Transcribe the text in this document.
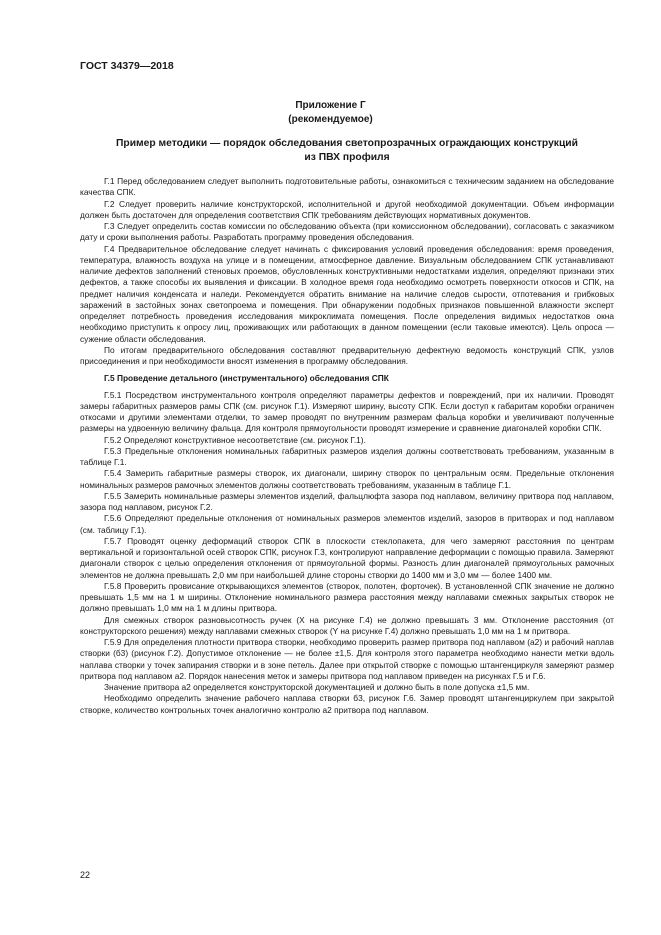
ГОСТ 34379—2018
Приложение Г
(рекомендуемое)
Пример методики — порядок обследования светопрозрачных ограждающих конструкций
из ПВХ профиля

Г.1 Перед обследованием следует выполнить подготовительные работы, ознакомиться с техническим заданием на обследование качества СПК.

Г.2 Следует проверить наличие конструкторской, исполнительной и другой необходимой документации. Объем информации должен быть достаточен для определения соответствия СПК требованиям действующих нормативных документов.

Г.3 Следует определить состав комиссии по обследованию объекта (при комиссионном обследовании), согласовать с заказчиком дату и сроки выполнения работы. Разработать программу проведения обследования.

Г.4 Предварительное обследование следует начинать с фиксирования условий проведения обследования: время проведения, температура, влажность воздуха на улице и в помещении, атмосферное давление. Визуальным обследованием СПК устанавливают наличие дефектов заполнений стеновых проемов, обусловленных конструктивными недостатками изделия, определяют признаки этих дефектов, а также способы их выявления и фиксации. В холодное время года необходимо осмотреть поверхности откосов и СПК, на предмет наличия конденсата и наледи. Рекомендуется обратить внимание на наличие следов сырости, отпотевания и грибковых заражений в застойных зонах светопроема и помещения. При обнаружении подобных признаков повышенной влажности эксперт определяет потребность проведения исследования микроклимата помещения. После определения видимых недостатков окна необходимо приступить к опросу лиц, проживающих или работающих в данном помещении (если таковые имеются). Цель опроса — сужение области обследования.

По итогам предварительного обследования составляют предварительную дефектную ведомость конструкций СПК, узлов присоединения и при необходимости вносят изменения в программу обследования.

Г.5 Проведение детального (инструментального) обследования СПК

Г.5.1 Посредством инструментального контроля определяют параметры дефектов и повреждений, при их наличии. Проводят замеры габаритных размеров рамы СПК (см. рисунок Г.1). Измеряют ширину, высоту СПК. Если доступ к габаритам коробки ограничен откосами и другими элементами отделки, то замер проводят по внутренним размерам фальца коробки и увеличивают полученные размеры на удвоенную величину фальца. Для контроля прямоугольности проводят измерение и сравнение диагоналей коробки СПК.

Г.5.2 Определяют конструктивное несоответствие (см. рисунок Г.1).

Г.5.3 Предельные отклонения номинальных габаритных размеров изделия должны соответствовать требованиям, указанным в таблице Г.1.

Г.5.4 Замерить габаритные размеры створок, их диагонали, ширину створок по центральным осям. Предельные отклонения номинальных размеров рамочных элементов должны соответствовать требованиям, указанным в таблице Г.1.

Г.5.5 Замерить номинальные размеры элементов изделий, фальцлюфта зазора под наплавом, величину притвора под наплавом, зазора под наплавом, рисунок Г.2.

Г.5.6 Определяют предельные отклонения от номинальных размеров элементов изделий, зазоров в притворах и под наплавом (см. таблицу Г.1).

Г.5.7 Проводят оценку деформаций створок СПК в плоскости стеклопакета, для чего замеряют расстояния по центрам вертикальной и горизонтальной осей створок СПК, рисунок Г.3, контролируют направление деформации с помощью правила. Замеряют диагонали створок с целью определения отклонения от прямоугольной формы. Разность длин диагоналей прямоугольных рамочных элементов не должна превышать 2,0 мм при наибольшей длине стороны створки до 1400 мм и 3,0 мм — более 1400 мм.

Г.5.8 Проверить провисание открывающихся элементов (створок, полотен, форточек). В установленной СПК значение не должно превышать 1,5 мм на 1 м ширины. Отклонение номинального размера расстояния между наплавами смежных закрытых створок не должно превышать 1,0 мм на 1 м длины притвора.

Для смежных створок разновысотность ручек (X на рисунке Г.4) не должно превышать 3 мм. Отклонение расстояния (от конструкторского решения) между наплавами смежных створок (Y на рисунке Г.4) должно превышать 1,0 мм на 1 м притвора.

Г.5.9 Для определения плотности притвора створки, необходимо проверить размер притвора под наплавом (а2) и рабочий наплав створки (б3) (рисунок Г.2). Допустимое отклонение — не более ±1,5. Для контроля этого параметра необходимо нанести метки вдоль наплава створки у точек запирания створки и в зоне петель. Далее при открытой створке с помощью штангенциркуля замеряют размер притвора под наплавом а2. Порядок нанесения меток и замеры притвора под наплавом приведен на рисунках Г.5 и Г.6.

Значение притвора а2 определяется конструкторской документацией и должно быть в поле допуска ±1,5 мм.

Необходимо определить значение рабочего наплава створки б3, рисунок Г.6. Замер проводят штангенциркулем при закрытой створке, количество контрольных точек аналогично контролю а2 притвора под наплавом.

22
